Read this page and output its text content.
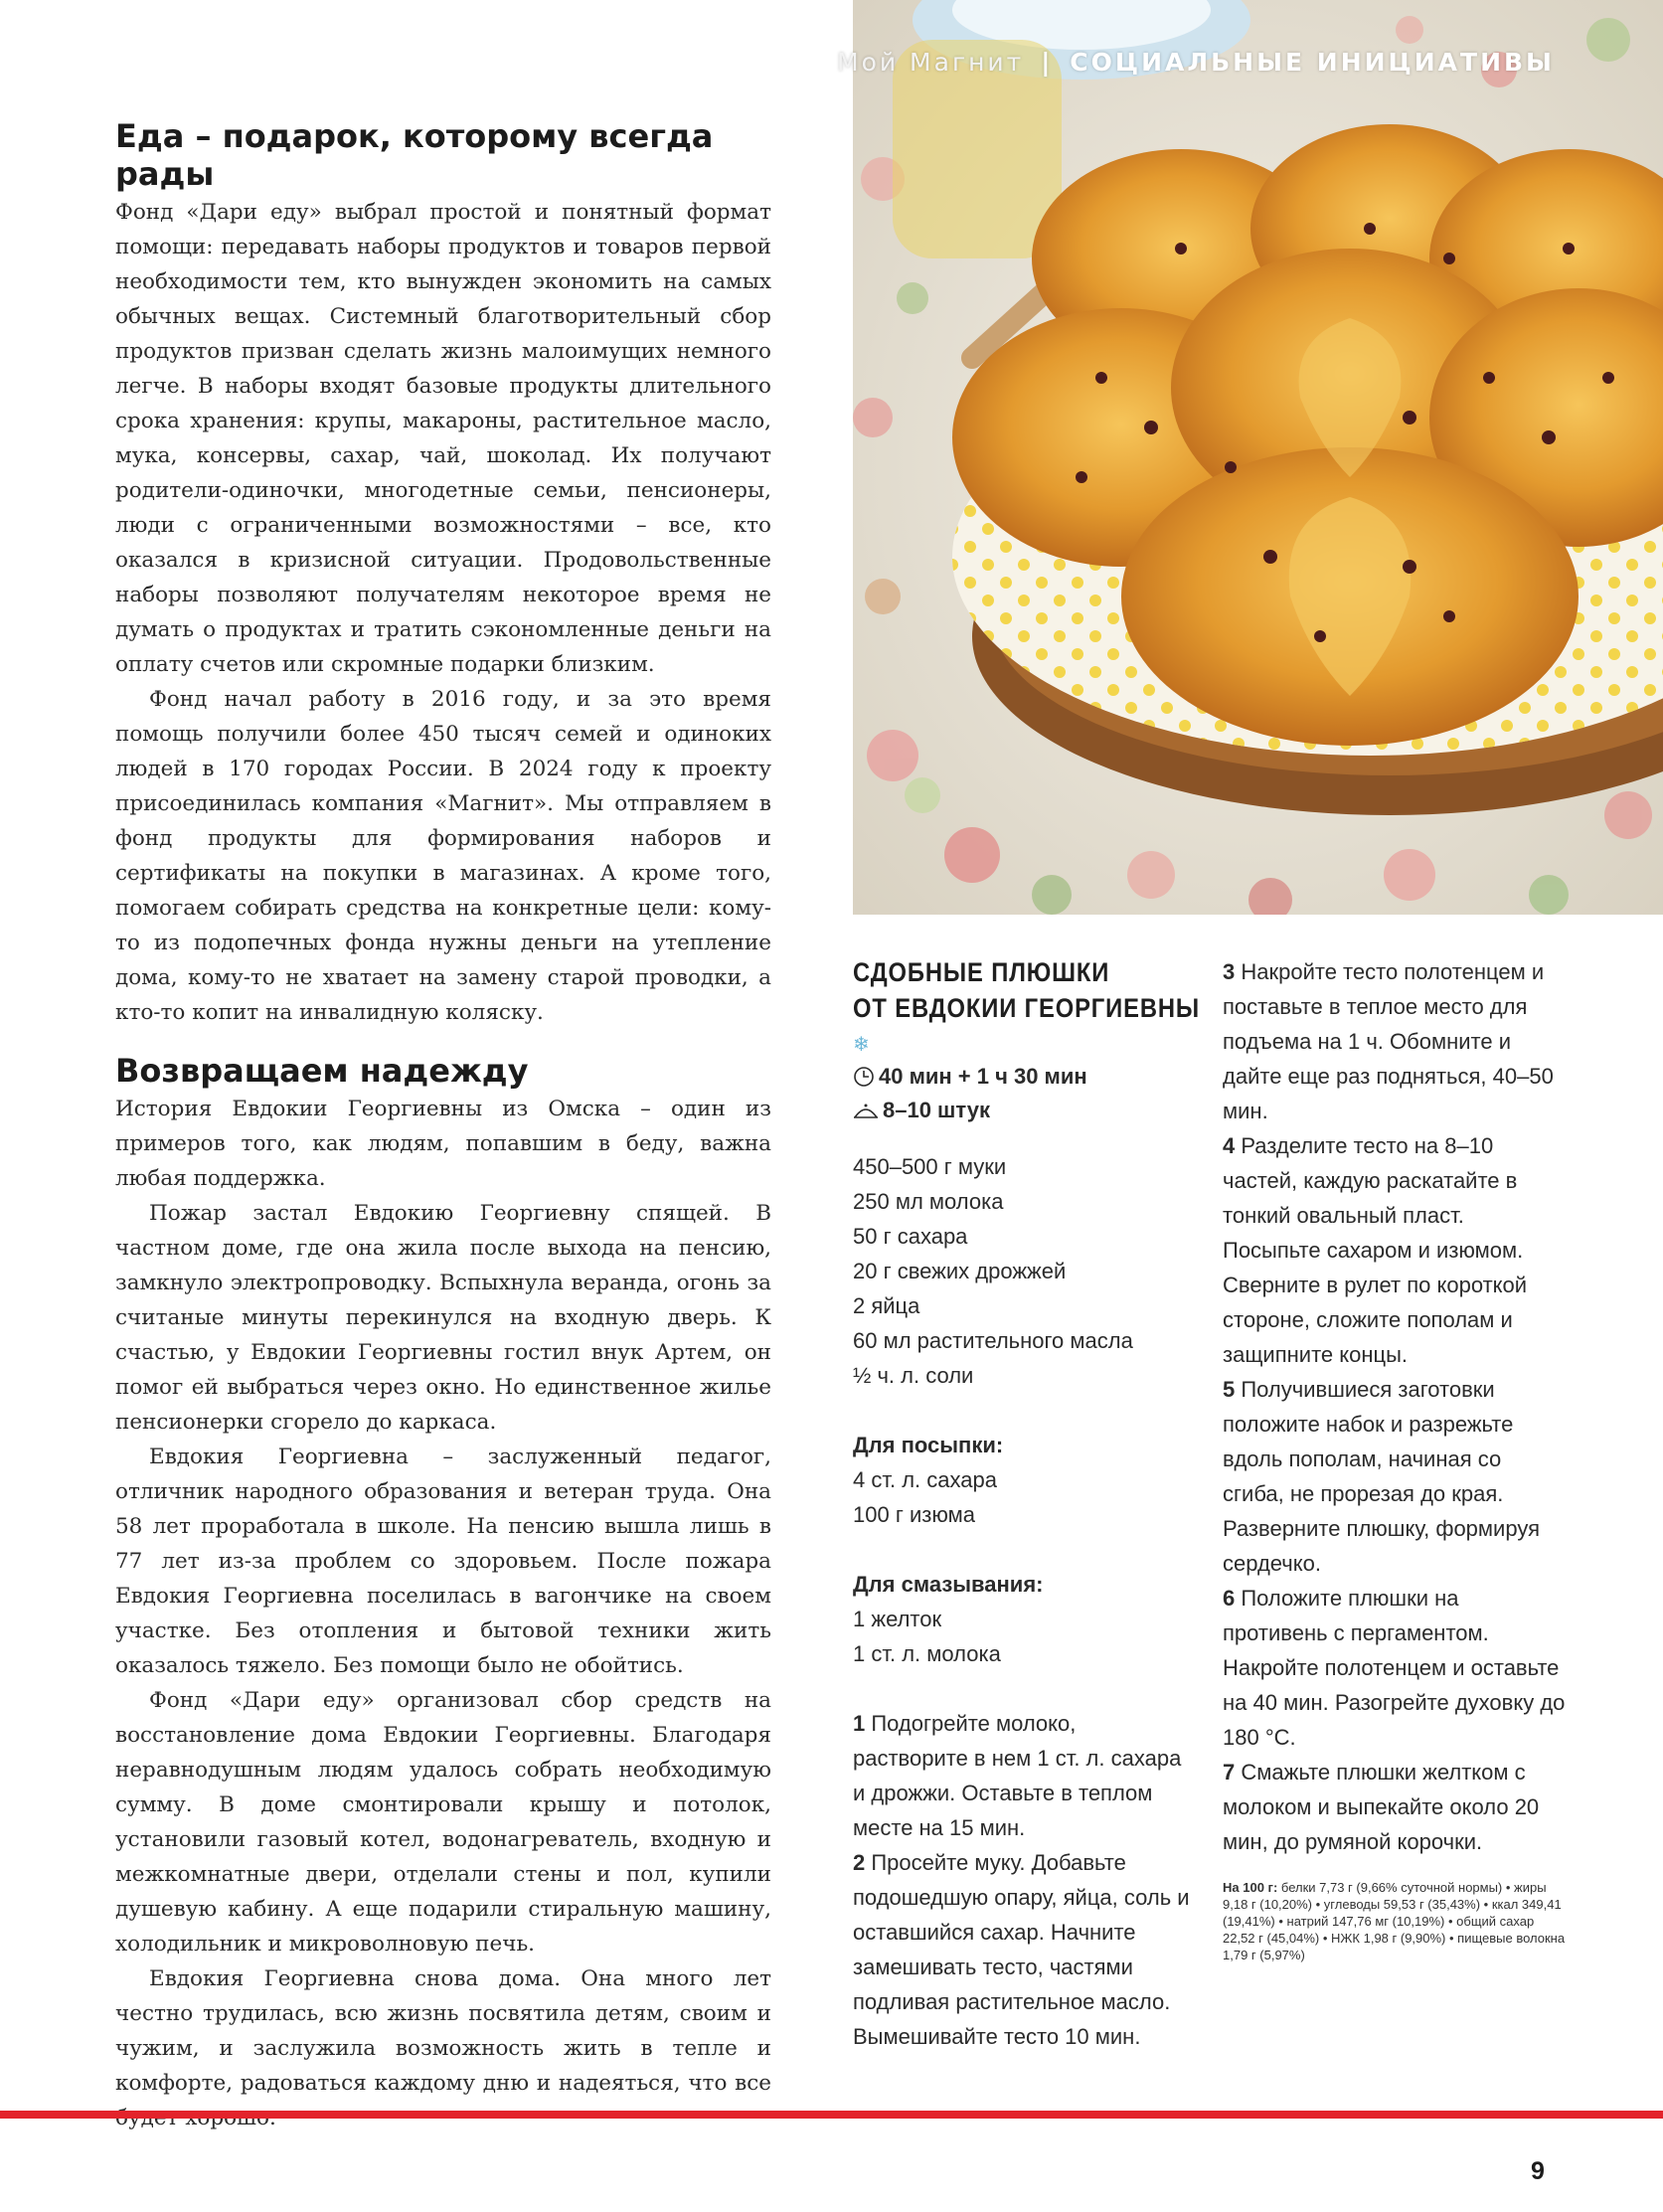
Мой Магнит | СОЦИАЛЬНЫЕ ИНИЦИАТИВЫ
Еда – подарок, которому всегда рады

Фонд «Дари еду» выбрал простой и понятный формат помощи: передавать наборы продуктов и товаров первой необходимости тем, кто вынужден экономить на самых обычных вещах. Системный благотворительный сбор продуктов призван сделать жизнь малоимущих немного легче. В наборы входят базовые продукты длительного срока хранения: крупы, макароны, растительное масло, мука, консервы, сахар, чай, шоколад. Их получают родители-одиночки, многодетные семьи, пенсионеры, люди с ограниченными возможностями – все, кто оказался в кризисной ситуации. Продовольственные наборы позволяют получателям некоторое время не думать о продуктах и тратить сэкономленные деньги на оплату счетов или скромные подарки близким.

Фонд начал работу в 2016 году, и за это время помощь получили более 450 тысяч семей и одиноких людей в 170 городах России. В 2024 году к проекту присоединилась компания «Магнит». Мы отправляем в фонд продукты для формирования наборов и сертификаты на покупки в магазинах. А кроме того, помогаем собирать средства на конкретные цели: кому-то из подопечных фонда нужны деньги на утепление дома, кому-то не хватает на замену старой проводки, а кто-то копит на инвалидную коляску.

Возвращаем надежду

История Евдокии Георгиевны из Омска – один из примеров того, как людям, попавшим в беду, важна любая поддержка.

Пожар застал Евдокию Георгиевну спящей. В частном доме, где она жила после выхода на пенсию, замкнуло электропроводку. Вспыхнула веранда, огонь за считаные минуты перекинулся на входную дверь. К счастью, у Евдокии Георгиевны гостил внук Артем, он помог ей выбраться через окно. Но единственное жилье пенсионерки сгорело до каркаса.

Евдокия Георгиевна – заслуженный педагог, отличник народного образования и ветеран труда. Она 58 лет проработала в школе. На пенсию вышла лишь в 77 лет из-за проблем со здоровьем. После пожара Евдокия Георгиевна поселилась в вагончике на своем участке. Без отопления и бытовой техники жить оказалось тяжело. Без помощи было не обойтись.

Фонд «Дари еду» организовал сбор средств на восстановление дома Евдокии Георгиевны. Благодаря неравнодушным людям удалось собрать необходимую сумму. В доме смонтировали крышу и потолок, установили газовый котел, водонагреватель, входную и межкомнатные двери, отделали стены и пол, купили душевую кабину. А еще подарили стиральную машину, холодильник и микроволновую печь.

Евдокия Георгиевна снова дома. Она много лет честно трудилась, всю жизнь посвятила детям, своим и чужим, и заслужила возможность жить в тепле и комфорте, радоваться каждому дню и надеяться, что все

СДОБНЫЕ ПЛЮШКИ
ОТ ЕВДОКИИ ГЕОРГИЕВНЫ
❄
40 мин + 1 ч 30 мин
8–10 штук
450–500 г муки
250 мл молока
50 г сахара
20 г свежих дрожжей
2 яйца
60 мл растительного масла
½ ч. л. соли
Для посыпки:
4 ст. л. сахара
100 г изюма
Для смазывания:
1 желток
1 ст. л. молока
1 Подогрейте молоко, растворите в нем 1 ст. л. сахара и дрожжи. Оставьте в теплом месте на 15 мин.
2 Просейте муку. Добавьте подошедшую опару, яйца, соль и оставшийся сахар. Начните замешивать тесто, частями подливая растительное масло. Вымешивайте тесто 10 мин.
3 Накройте тесто полотенцем и поставьте в теплое место для подъема на 1 ч. Обомните и дайте еще раз подняться, 40–50 мин.
4 Разделите тесто на 8–10 частей, каждую раскатайте в тонкий овальный пласт. Посыпьте сахаром и изюмом. Сверните в рулет по короткой стороне, сложите пополам и защипните концы.
5 Получившиеся заготовки положите набок и разрежьте вдоль пополам, начиная со сгиба, не прорезая до края. Разверните плюшку, формируя сердечко.
6 Положите плюшки на противень с пергаментом. Накройте полотенцем и оставьте на 40 мин. Разогрейте духовку до 180 °С.
7 Смажьте плюшки желтком с молоком и выпекайте около 20 мин, до румяной корочки.
На 100 г: белки 7,73 г (9,66% суточной нормы) • жиры 9,18 г (10,20%) • углеводы 59,53 г (35,43%) • ккал 349,41 (19,41%) • натрий 147,76 мг (10,19%) • общий сахар 22,52 г (45,04%) • НЖК 1,98 г (9,90%) • пищевые волокна 1,79 г (5,97%)
9
